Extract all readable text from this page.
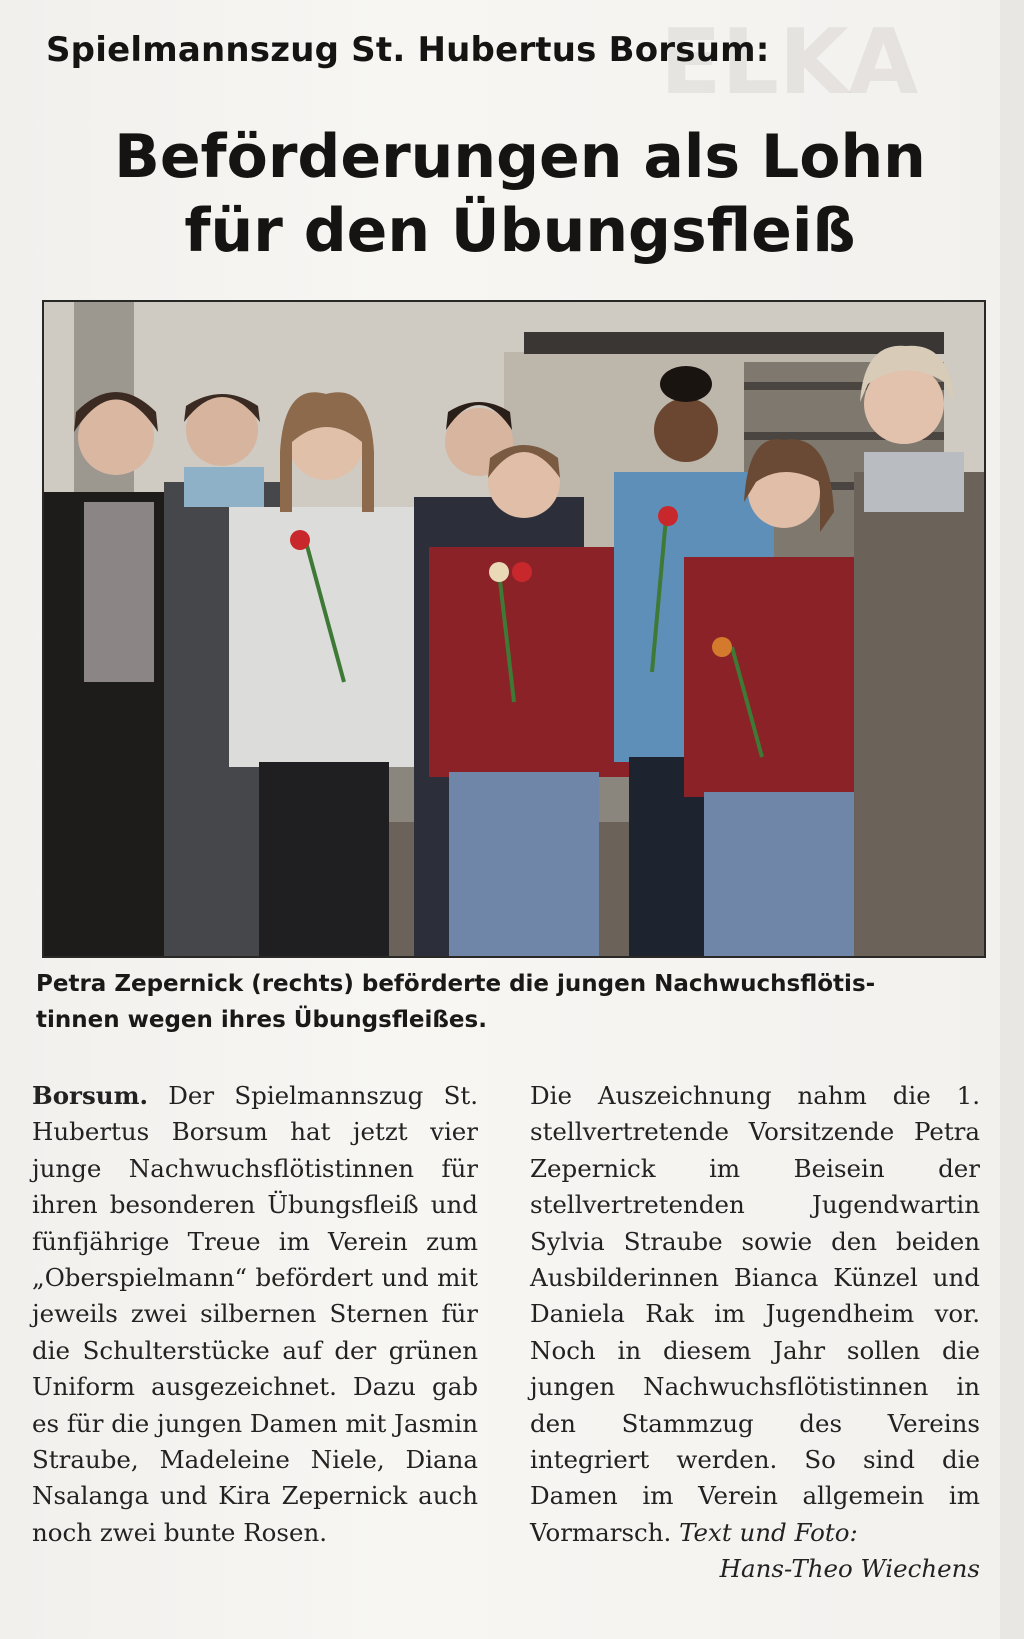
ELKA
Spielmannszug St. Hubertus Borsum:
Beförderungen als Lohn
für den Übungsfleiß
Petra Zepernick (rechts) beförderte die jungen Nachwuchsflötis-
tinnen wegen ihres Übungsfleißes.
Borsum. Der Spielmannszug St. Hubertus Borsum hat jetzt vier junge Nachwuchsflötistinnen für ihren besonderen Übungsfleiß und fünfjährige Treue im Verein zum „Oberspielmann“ befördert und mit jeweils zwei silbernen Sternen für die Schulterstücke auf der grünen Uniform ausgezeichnet. Dazu gab es für die jungen Damen mit Jasmin Straube, Madeleine Niele, Diana Nsalanga und Kira Zepernick auch noch zwei bunte Rosen.
Die Auszeichnung nahm die 1. stellvertretende Vorsitzende Petra Zepernick im Beisein der stellvertretenden Jugendwartin Sylvia Straube sowie den beiden Ausbilderinnen Bianca Künzel und Daniela Rak im Jugendheim vor. Noch in diesem Jahr sollen die jungen Nachwuchsflötistinnen in den Stammzug des Vereins integriert werden. So sind die Damen im Verein allgemein im Vormarsch. Text und Foto:
Hans-Theo Wiechens
